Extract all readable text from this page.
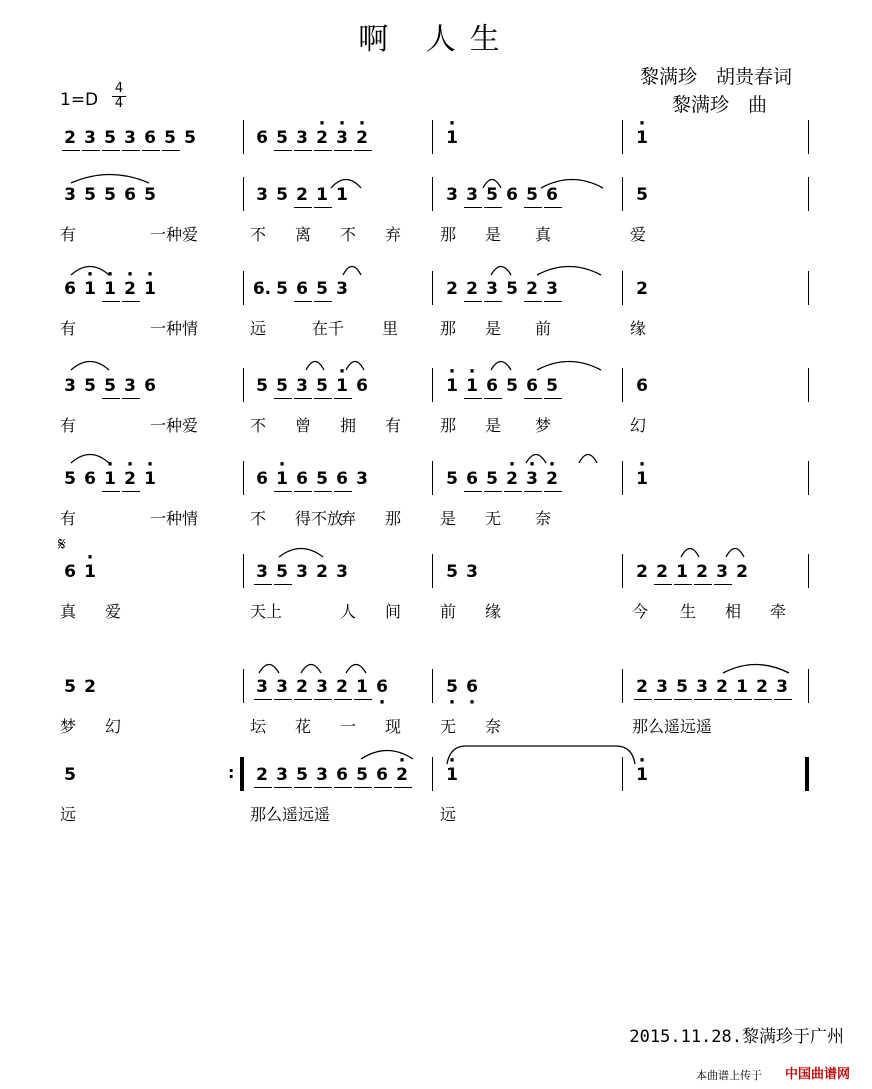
啊 人生
黎满珍　胡贵春词
黎满珍　曲
1=D
4
4
2 3 5 3 6 5 5	6 5 3 · 2 · 3 · 2	· 1	· 1
3 5 5 6 5	3 5 2 1 1	3 3 5 6 5 6	5
有	一种爱	不 离 不 弃 那 是 真	爱
6 · 1 · 1 · 2 · 1	6. 5 6 5 3	2 2 3 5 2 3	2
有	一种情	远	在千 里	那 是 前	缘
3 5 5 3 6	5 5 3 5 · 1 6	· 1 · 1 6 5 6 5	6
有	一种爱	不 曾 拥 有 那 是 梦	幻
5 6 · 1 · 2 · 1	6 · 1 6 5 6 3	5 6 5 · 2 · 3 · 2	· 1
有	一种情	不 得不放
弃 那 是 无 奈
6 · 1	3 5 3 2 3	5 3	2 2 1 2 3 2
真 爱	天上	人 间 前 缘	今 生 相 牵
5 2	3 3 2 3 2 1 · 6	· 5 · 6	2 3 5 3 2 1 2 3
梦 幻	坛 花 一 现 无 奈	那么遥远遥
5	2 3 5 3 6 5 6 · 2 · 1	· 1
远	那么遥远遥	远
:
𝄋
2015.11.28.黎满珍于广州
本曲谱上传于 中国曲谱网
